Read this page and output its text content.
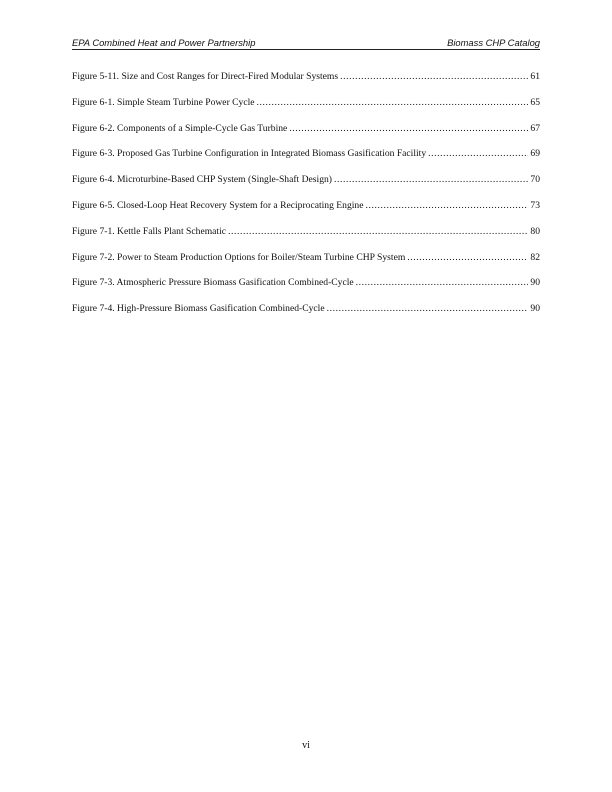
EPA Combined Heat and Power Partnership	Biomass CHP Catalog
Figure 5-11. Size and Cost Ranges for Direct-Fired Modular Systems .....	61
Figure 6-1. Simple Steam Turbine Power Cycle .....	65
Figure 6-2. Components of a Simple-Cycle Gas Turbine .....	67
Figure 6-3. Proposed Gas Turbine Configuration in Integrated Biomass Gasification Facility .....	69
Figure 6-4. Microturbine-Based CHP System (Single-Shaft Design) .....	70
Figure 6-5. Closed-Loop Heat Recovery System for a Reciprocating Engine .....	73
Figure 7-1. Kettle Falls Plant Schematic .....	80
Figure 7-2. Power to Steam Production Options for Boiler/Steam Turbine CHP System .....	82
Figure 7-3. Atmospheric Pressure Biomass Gasification Combined-Cycle .....	90
Figure 7-4. High-Pressure Biomass Gasification Combined-Cycle .....	90
vi
